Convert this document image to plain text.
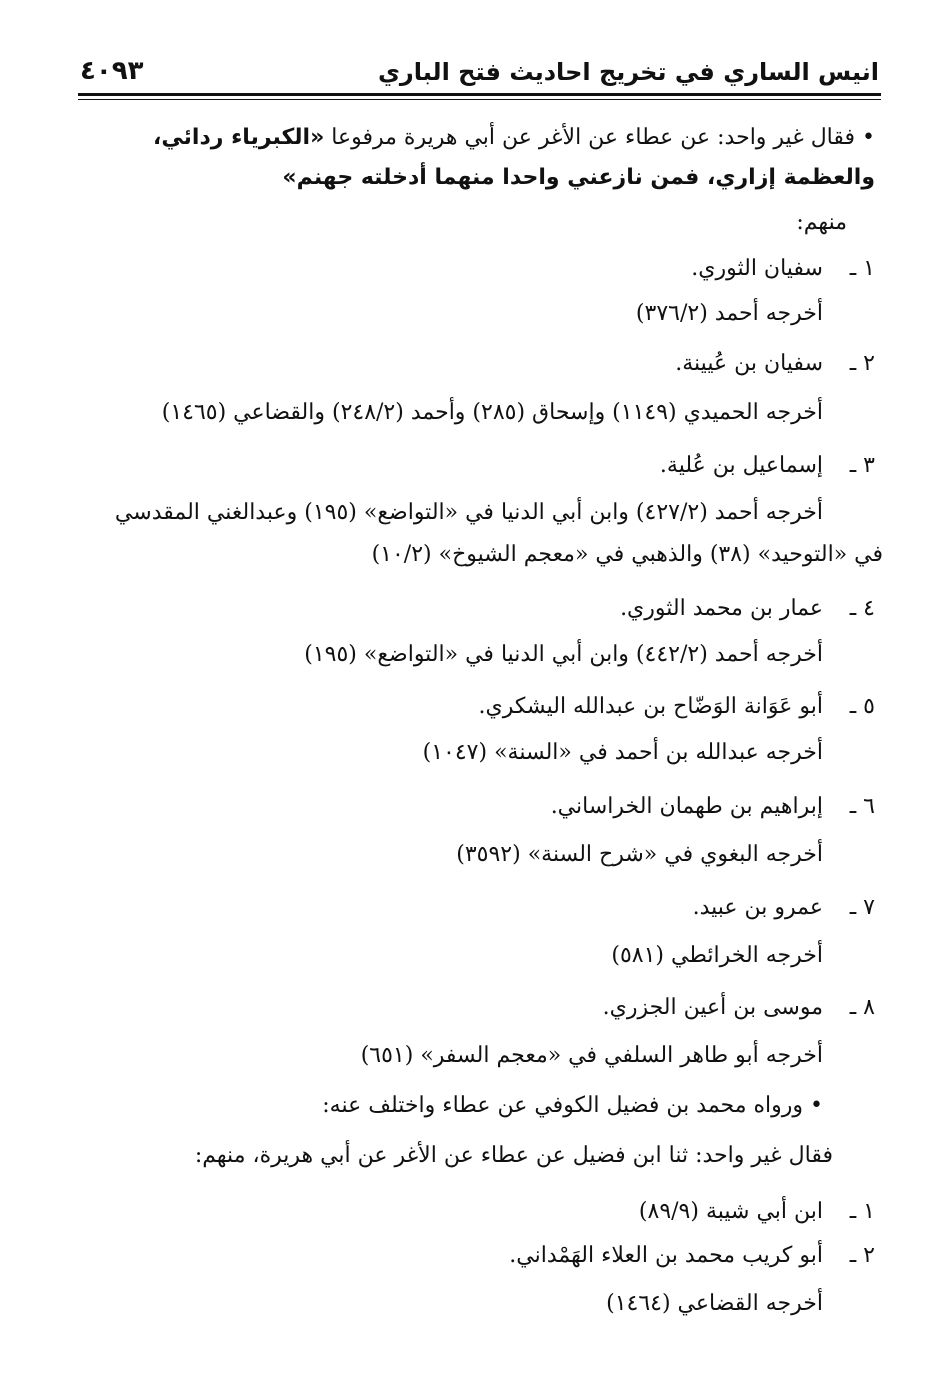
انيس الساري في تخريج احاديث فتح الباري
٤٠٩٣
• فقال غير واحد: عن عطاء عن الأغر عن أبي هريرة مرفوعا «الكبرياء ردائي،
والعظمة إزاري، فمن نازعني واحدا منهما أدخلته جهنم»
منهم:
١ ـ
سفيان الثوري.
أخرجه أحمد (٣٧٦/٢)
٢ ـ
سفيان بن عُيينة.
أخرجه الحميدي (١١٤٩) وإسحاق (٢٨٥) وأحمد (٢٤٨/٢) والقضاعي (١٤٦٥)
٣ ـ
إسماعيل بن عُلية.
أخرجه أحمد (٤٢٧/٢) وابن أبي الدنيا في «التواضع» (١٩٥) وعبدالغني المقدسي
في «التوحيد» (٣٨) والذهبي في «معجم الشيوخ» (١٠/٢)
٤ ـ
عمار بن محمد الثوري.
أخرجه أحمد (٤٤٢/٢) وابن أبي الدنيا في «التواضع» (١٩٥)
٥ ـ
أبو عَوَانة الوَضّاح بن عبدالله اليشكري.
أخرجه عبدالله بن أحمد في «السنة» (١٠٤٧)
٦ ـ
إبراهيم بن طهمان الخراساني.
أخرجه البغوي في «شرح السنة» (٣٥٩٢)
٧ ـ
عمرو بن عبيد.
أخرجه الخرائطي (٥٨١)
٨ ـ
موسى بن أعين الجزري.
أخرجه أبو طاهر السلفي في «معجم السفر» (٦٥١)
• ورواه محمد بن فضيل الكوفي عن عطاء واختلف عنه:
فقال غير واحد: ثنا ابن فضيل عن عطاء عن الأغر عن أبي هريرة، منهم:
١ ـ
ابن أبي شيبة (٨٩/٩)
٢ ـ
أبو كريب محمد بن العلاء الهَمْداني.
أخرجه القضاعي (١٤٦٤)
